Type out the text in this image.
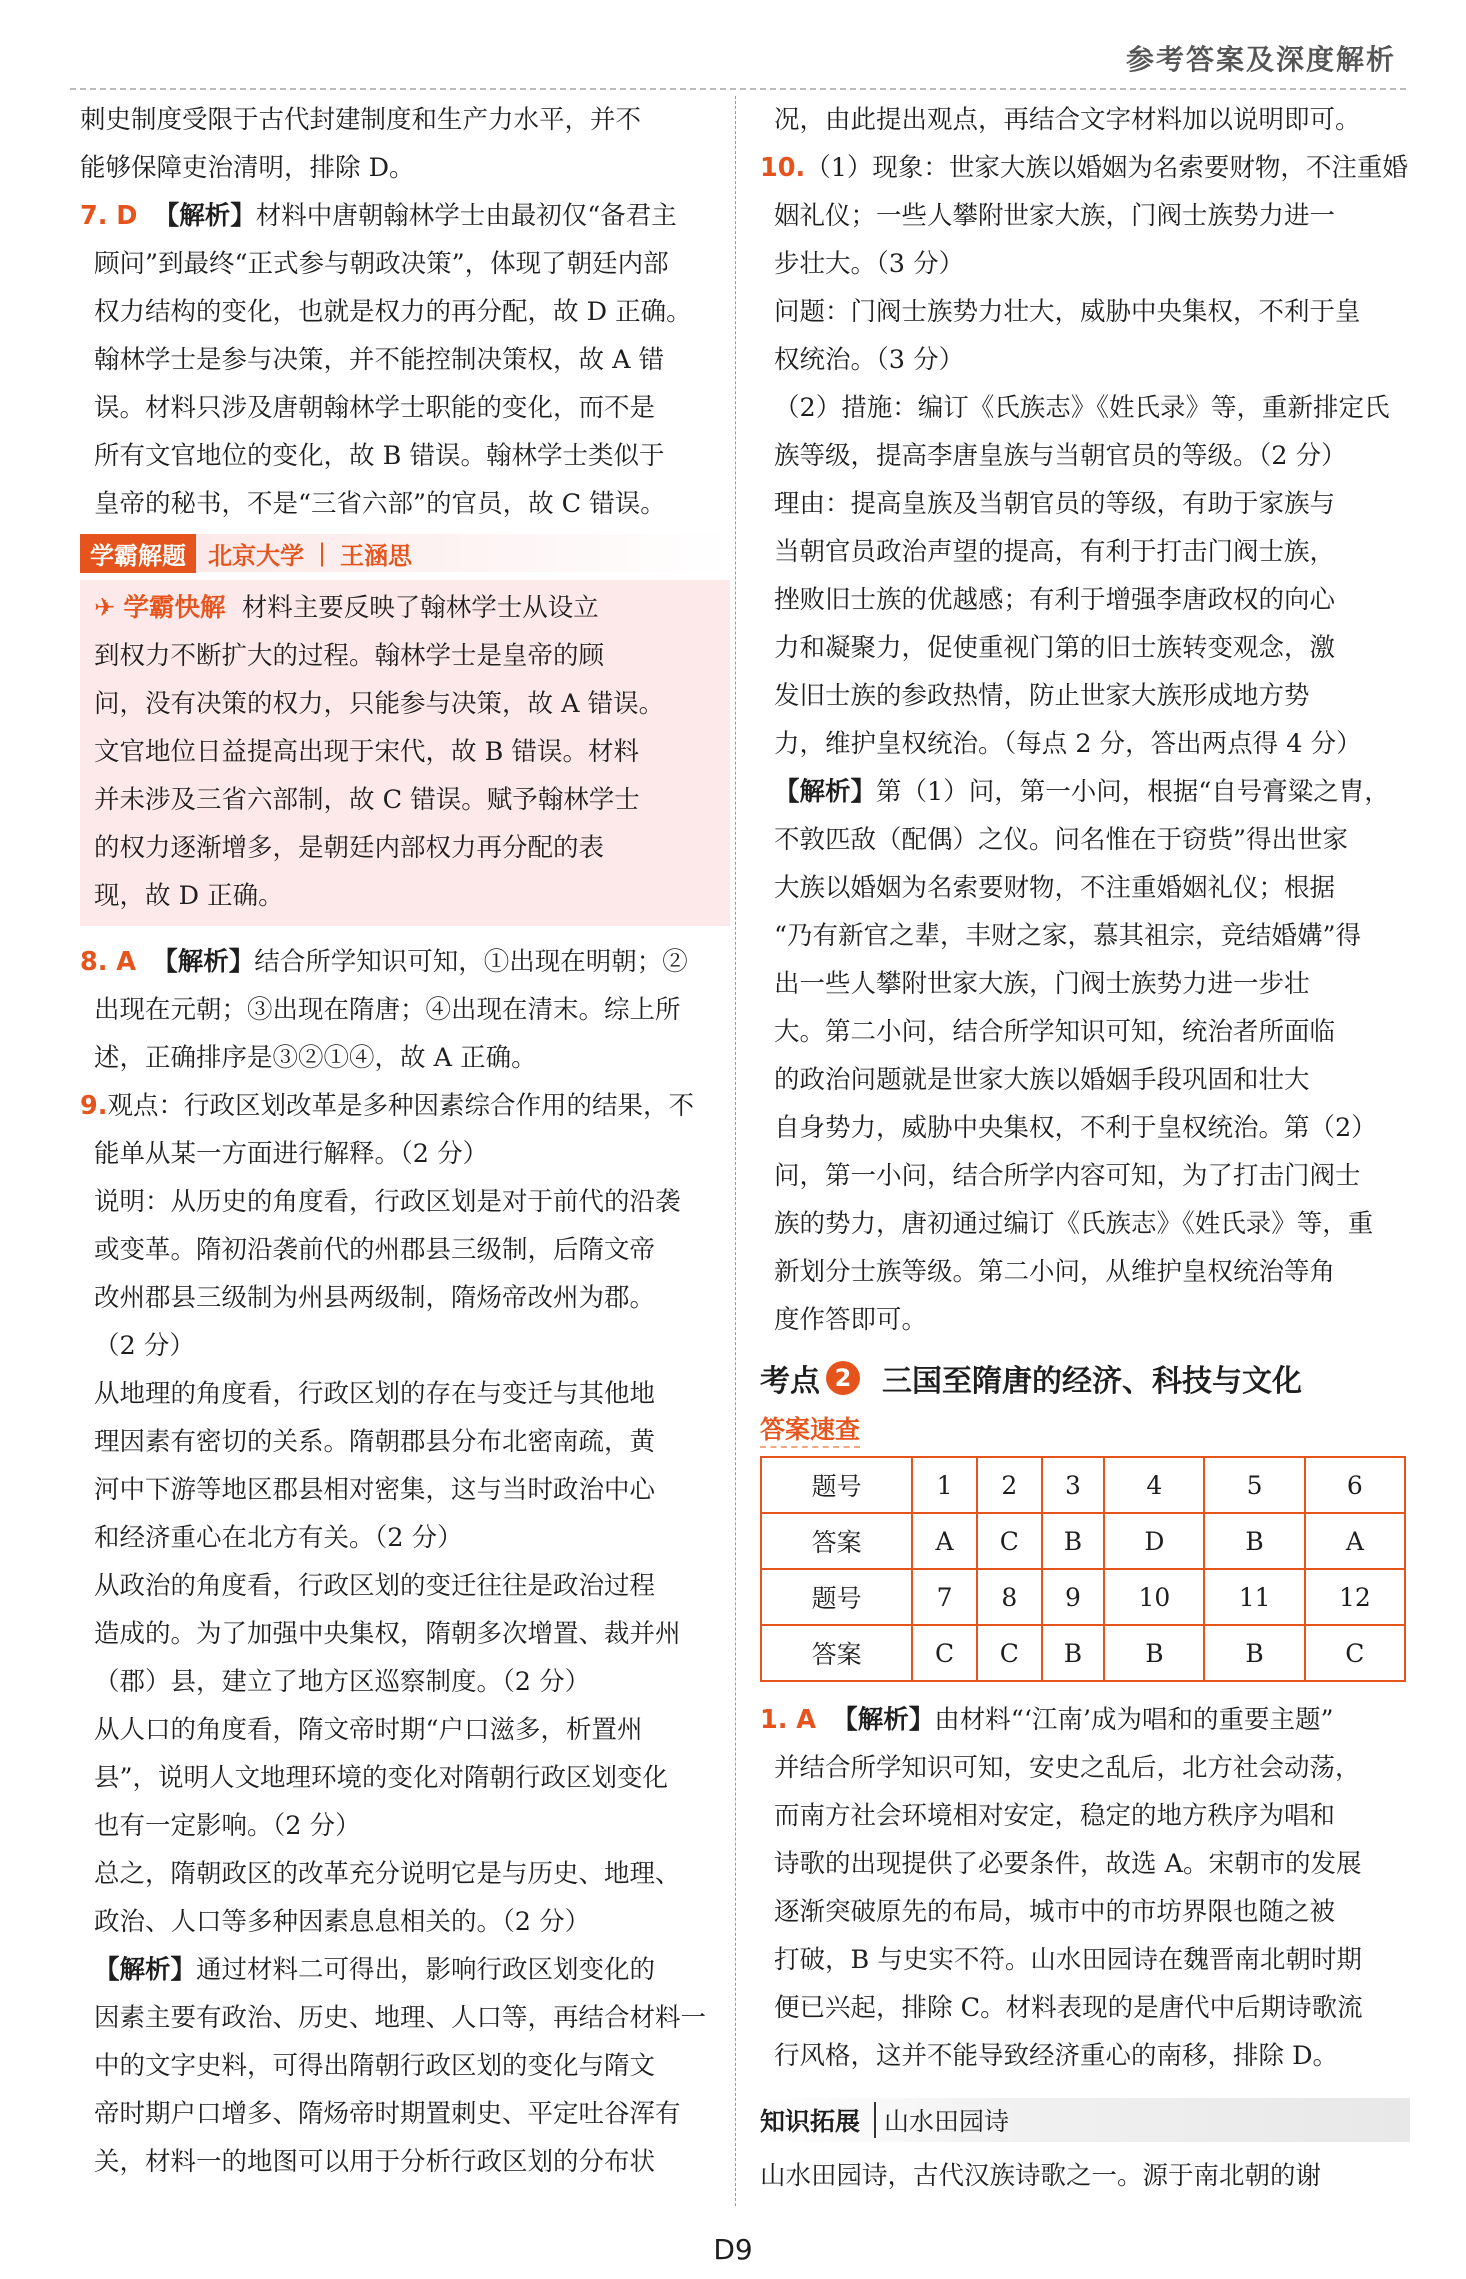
参考答案及深度解析

刺史制度受限于古代封建制度和生产力水平，并不

能够保障吏治清明，排除 D。

7. D 【解析】材料中唐朝翰林学士由最初仅“备君主

顾问”到最终“正式参与朝政决策”，体现了朝廷内部

权力结构的变化，也就是权力的再分配，故 D 正确。

翰林学士是参与决策，并不能控制决策权，故 A 错

误。材料只涉及唐朝翰林学士职能的变化，而不是

所有文官地位的变化，故 B 错误。翰林学士类似于

皇帝的秘书，不是“三省六部”的官员，故 C 错误。

学霸解题 北京大学 | 王涵思

✈ 学霸快解 材料主要反映了翰林学士从设立

到权力不断扩大的过程。翰林学士是皇帝的顾

问，没有决策的权力，只能参与决策，故 A 错误。

文官地位日益提高出现于宋代，故 B 错误。材料

并未涉及三省六部制，故 C 错误。赋予翰林学士

的权力逐渐增多，是朝廷内部权力再分配的表

现，故 D 正确。

8. A 【解析】结合所学知识可知，①出现在明朝；②

出现在元朝；③出现在隋唐；④出现在清末。综上所

述，正确排序是③②①④，故 A 正确。

9.观点：行政区划改革是多种因素综合作用的结果，不

能单从某一方面进行解释。（2 分）

说明：从历史的角度看，行政区划是对于前代的沿袭

或变革。隋初沿袭前代的州郡县三级制，后隋文帝

改州郡县三级制为州县两级制，隋炀帝改州为郡。

（2 分）

从地理的角度看，行政区划的存在与变迁与其他地

理因素有密切的关系。隋朝郡县分布北密南疏，黄

河中下游等地区郡县相对密集，这与当时政治中心

和经济重心在北方有关。（2 分）

从政治的角度看，行政区划的变迁往往是政治过程

造成的。为了加强中央集权，隋朝多次增置、裁并州

（郡）县，建立了地方区巡察制度。（2 分）

从人口的角度看，隋文帝时期“户口滋多，析置州

县”，说明人文地理环境的变化对隋朝行政区划变化

也有一定影响。（2 分）

总之，隋朝政区的改革充分说明它是与历史、地理、

政治、人口等多种因素息息相关的。（2 分）

【解析】通过材料二可得出，影响行政区划变化的

因素主要有政治、历史、地理、人口等，再结合材料一

中的文字史料，可得出隋朝行政区划的变化与隋文

帝时期户口增多、隋炀帝时期置刺史、平定吐谷浑有

关，材料一的地图可以用于分析行政区划的分布状

况，由此提出观点，再结合文字材料加以说明即可。

10.（1）现象：世家大族以婚姻为名索要财物，不注重婚

姻礼仪；一些人攀附世家大族，门阀士族势力进一

步壮大。（3 分）

问题：门阀士族势力壮大，威胁中央集权，不利于皇

权统治。（3 分）

（2）措施：编订《氏族志》《姓氏录》等，重新排定氏

族等级，提高李唐皇族与当朝官员的等级。（2 分）

理由：提高皇族及当朝官员的等级，有助于家族与

当朝官员政治声望的提高，有利于打击门阀士族，

挫败旧士族的优越感；有利于增强李唐政权的向心

力和凝聚力，促使重视门第的旧士族转变观念，激

发旧士族的参政热情，防止世家大族形成地方势

力，维护皇权统治。（每点 2 分，答出两点得 4 分）

【解析】第（1）问，第一小问，根据“自号膏粱之胄，

不敦匹敌（配偶）之仪。问名惟在于窃赀”得出世家

大族以婚姻为名索要财物，不注重婚姻礼仪；根据

“乃有新官之辈，丰财之家，慕其祖宗，竞结婚媾”得

出一些人攀附世家大族，门阀士族势力进一步壮

大。第二小问，结合所学知识可知，统治者所面临

的政治问题就是世家大族以婚姻手段巩固和壮大

自身势力，威胁中央集权，不利于皇权统治。第（2）

问，第一小问，结合所学内容可知，为了打击门阀士

族的势力，唐初通过编订《氏族志》《姓氏录》等，重

新划分士族等级。第二小问，从维护皇权统治等角

度作答即可。

考点 2 三国至隋唐的经济、科技与文化
答案速查
题号	1	2	3	4	5	6
答案	A	C	B	D	B	A
题号	7	8	9	10	11	12
答案	C	C	B	B	B	C

1. A 【解析】由材料“‘江南’成为唱和的重要主题”

并结合所学知识可知，安史之乱后，北方社会动荡，

而南方社会环境相对安定，稳定的地方秩序为唱和

诗歌的出现提供了必要条件，故选 A。宋朝市的发展

逐渐突破原先的布局，城市中的市坊界限也随之被

打破，B 与史实不符。山水田园诗在魏晋南北朝时期

便已兴起，排除 C。材料表现的是唐代中后期诗歌流

行风格，这并不能导致经济重心的南移，排除 D。

知识拓展 山水田园诗

山水田园诗，古代汉族诗歌之一。源于南北朝的谢

D9
